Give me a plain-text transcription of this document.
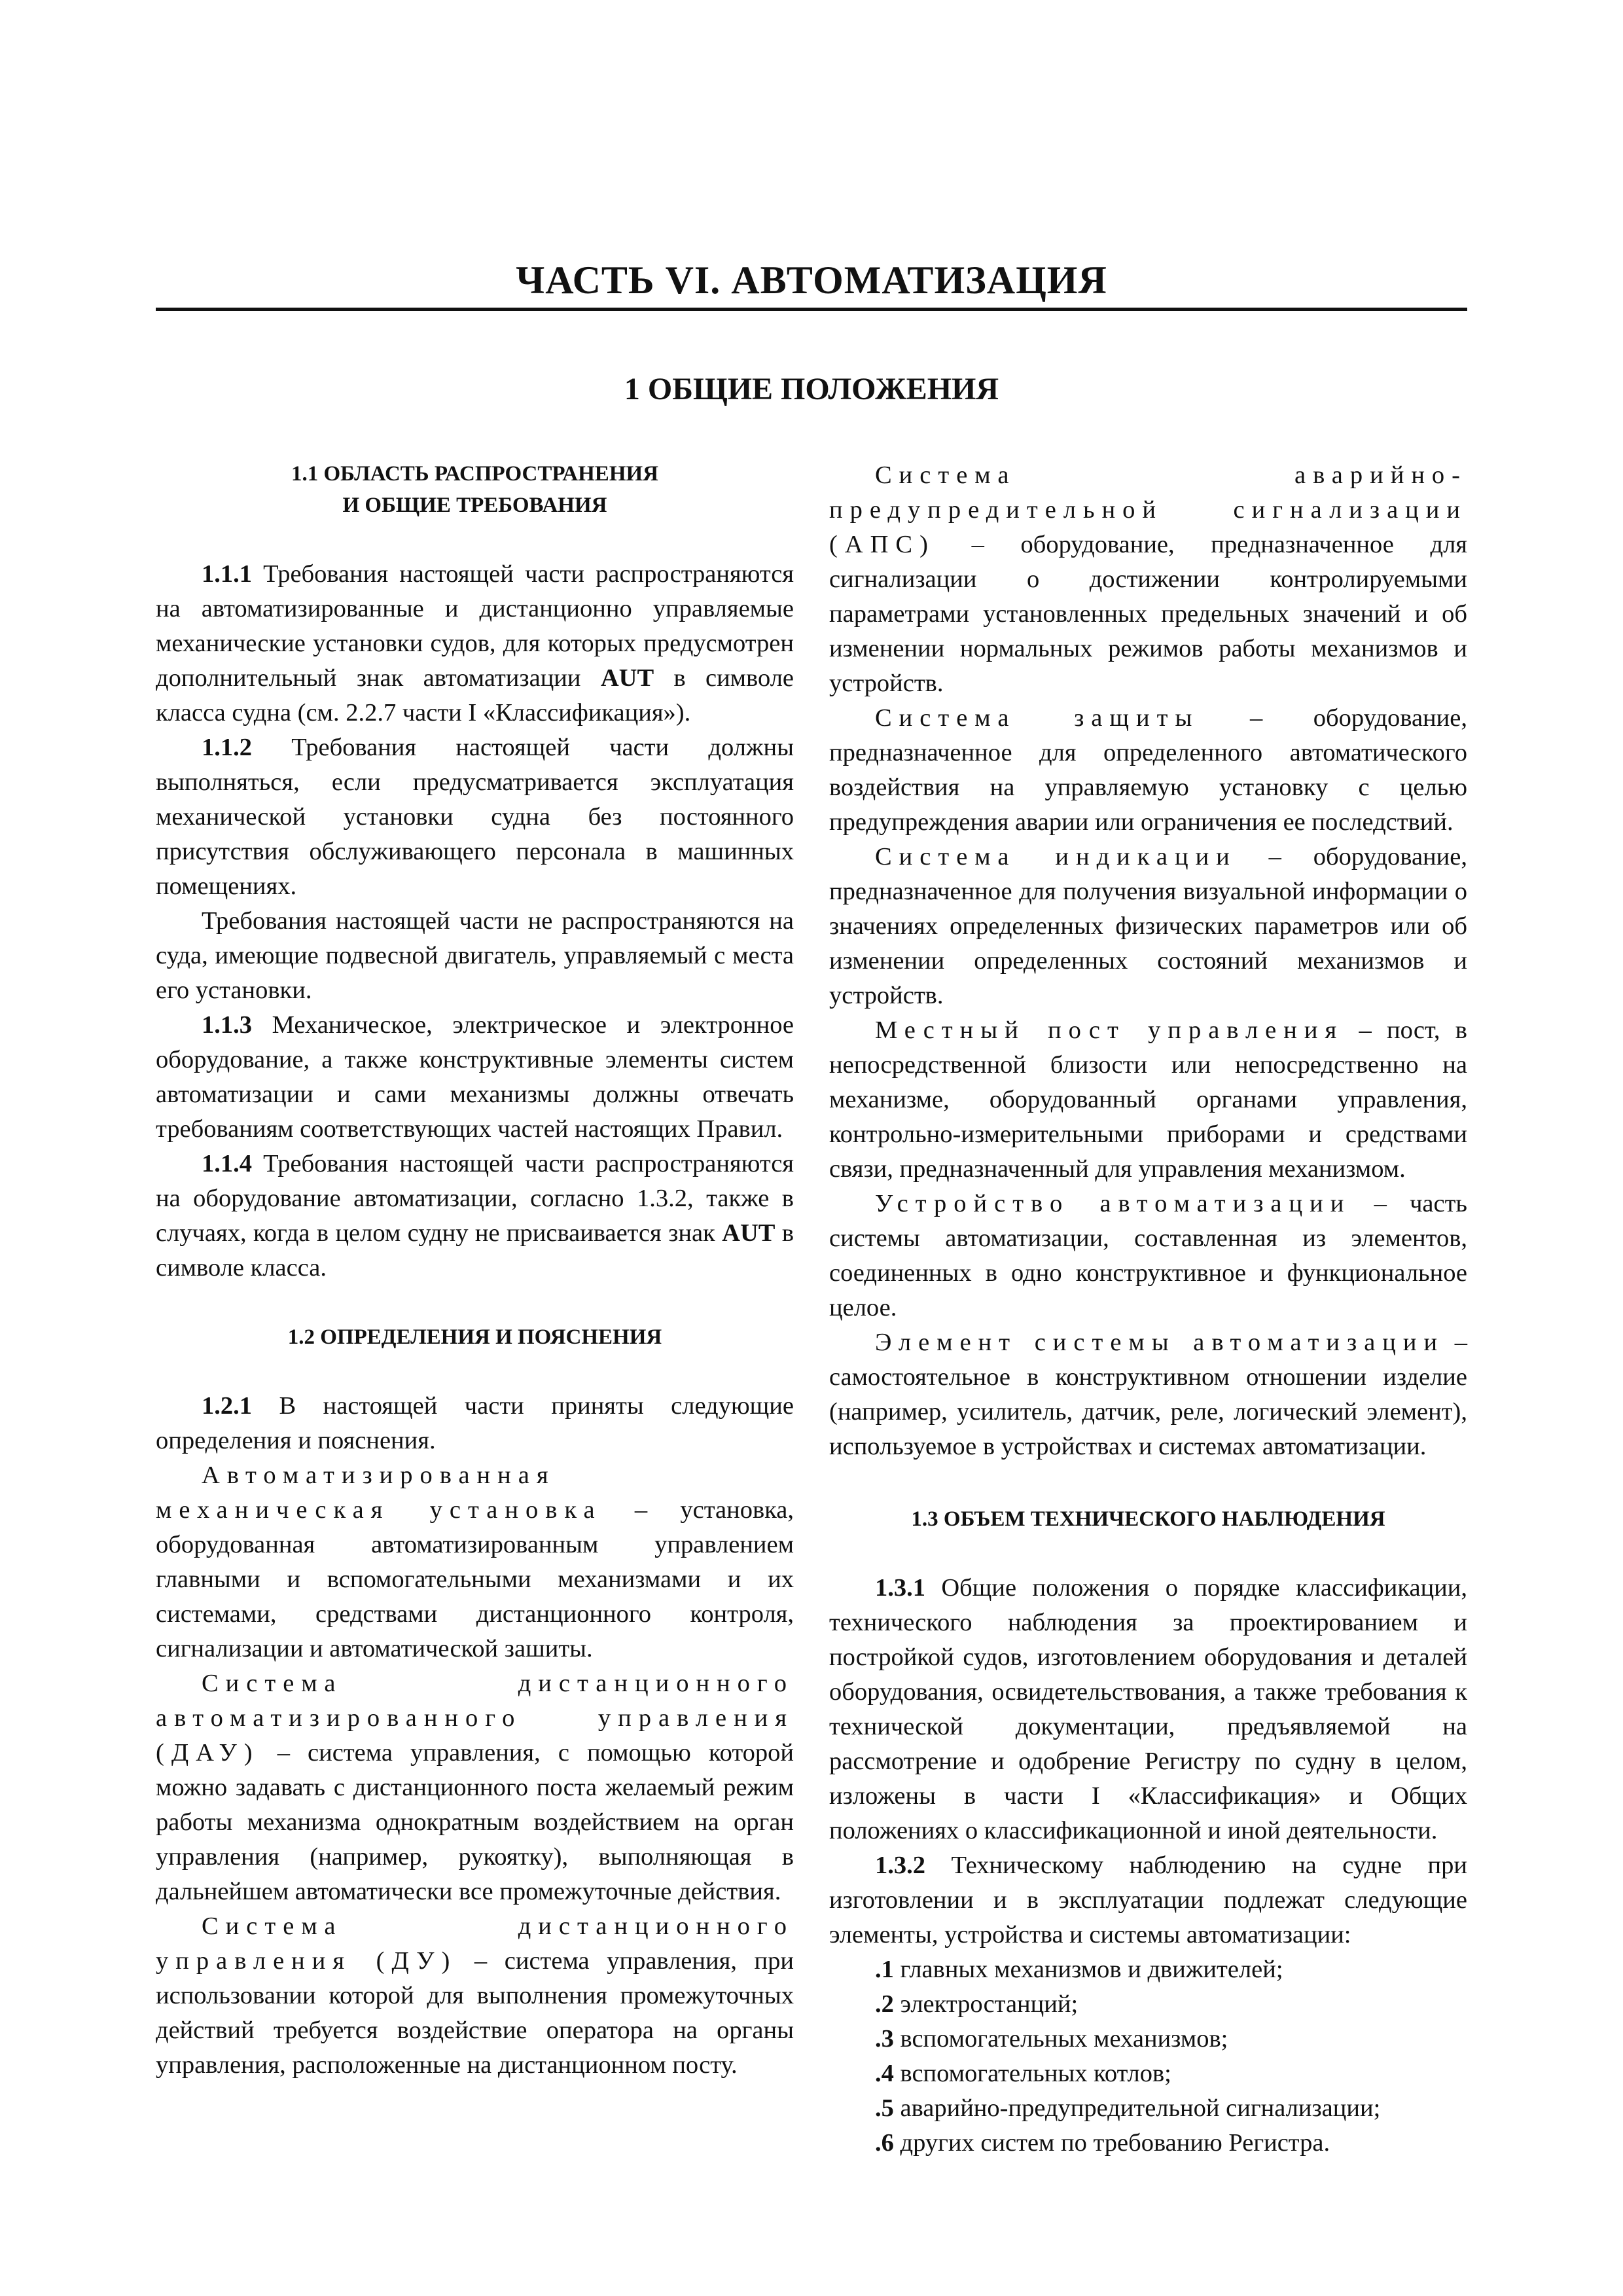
ЧАСТЬ VI. АВТОМАТИЗАЦИЯ
1 ОБЩИЕ ПОЛОЖЕНИЯ
1.1 ОБЛАСТЬ РАСПРОСТРАНЕНИЯ
И ОБЩИЕ ТРЕБОВАНИЯ

1.1.1 Требования настоящей части распространяются на автоматизированные и дистанционно управляемые механические установки судов, для которых предусмотрен дополнительный знак автоматизации AUT в символе класса судна (см. 2.2.7 части I «Классификация»).

1.1.2 Требования настоящей части должны выполняться, если предусматривается эксплуатация механической установки судна без постоянного присутствия обслуживающего персонала в машинных помещениях.

Требования настоящей части не распространяются на суда, имеющие подвесной двигатель, управляемый с места его установки.

1.1.3 Механическое, электрическое и электронное оборудование, а также конструктивные элементы систем автоматизации и сами механизмы должны отвечать требованиям соответствующих частей настоящих Правил.

1.1.4 Требования настоящей части распространяются на оборудование автоматизации, согласно 1.3.2, также в случаях, когда в целом судну не присваивается знак AUT в символе класса.

1.2 ОПРЕДЕЛЕНИЯ И ПОЯСНЕНИЯ

1.2.1 В настоящей части приняты следующие определения и пояснения.

Автоматизированная механическая установка – установка, оборудованная автоматизированным управлением главными и вспомогательными механизмами и их системами, средствами дистанционного контроля, сигнализации и автоматической зашиты.

Система дистанционного автоматизированного управления (ДАУ) – система управления, с помощью которой можно задавать с дистанционного поста желаемый режим работы механизма однократным воздействием на орган управления (например, рукоятку), выполняющая в дальнейшем автоматически все промежуточные действия.

Система дистанционного управления (ДУ) – система управления, при использовании которой для выполнения промежуточных действий требуется воздействие оператора на органы управления, расположенные на дистанционном посту.

Система аварийно-предупредительной сигнализации (АПС) – оборудование, предназначенное для сигнализации о достижении контролируемыми параметрами установленных предельных значений и об изменении нормальных режимов работы механизмов и устройств.

Система защиты – оборудование, предназначенное для определенного автоматического воздействия на управляемую установку с целью предупреждения аварии или ограничения ее последствий.

Система индикации – оборудование, предназначенное для получения визуальной информации о значениях определенных физических параметров или об изменении определенных состояний механизмов и устройств.

Местный пост управления – пост, в непосредственной близости или непосредственно на механизме, оборудованный органами управления, контрольно-измерительными приборами и средствами связи, предназначенный для управления механизмом.

Устройство автоматизации – часть системы автоматизации, составленная из элементов, соединенных в одно конструктивное и функциональное целое.

Элемент системы автоматизации – самостоятельное в конструктивном отношении изделие (например, усилитель, датчик, реле, логический элемент), используемое в устройствах и системах автоматизации.

1.3 ОБЪЕМ ТЕХНИЧЕСКОГО НАБЛЮДЕНИЯ

1.3.1 Общие положения о порядке классификации, технического наблюдения за проектированием и постройкой судов, изготовлением оборудования и деталей оборудования, освидетельствования, а также требования к технической документации, предъявляемой на рассмотрение и одобрение Регистру по судну в целом, изложены в части I «Классификация» и Общих положениях о классификационной и иной деятельности.

1.3.2 Техническому наблюдению на судне при изготовлении и в эксплуатации подлежат следующие элементы, устройства и системы автоматизации:

.1 главных механизмов и движителей;

.2 электростанций;

.3 вспомогательных механизмов;

.4 вспомогательных котлов;

.5 аварийно-предупредительной сигнализации;

.6 других систем по требованию Регистра.
